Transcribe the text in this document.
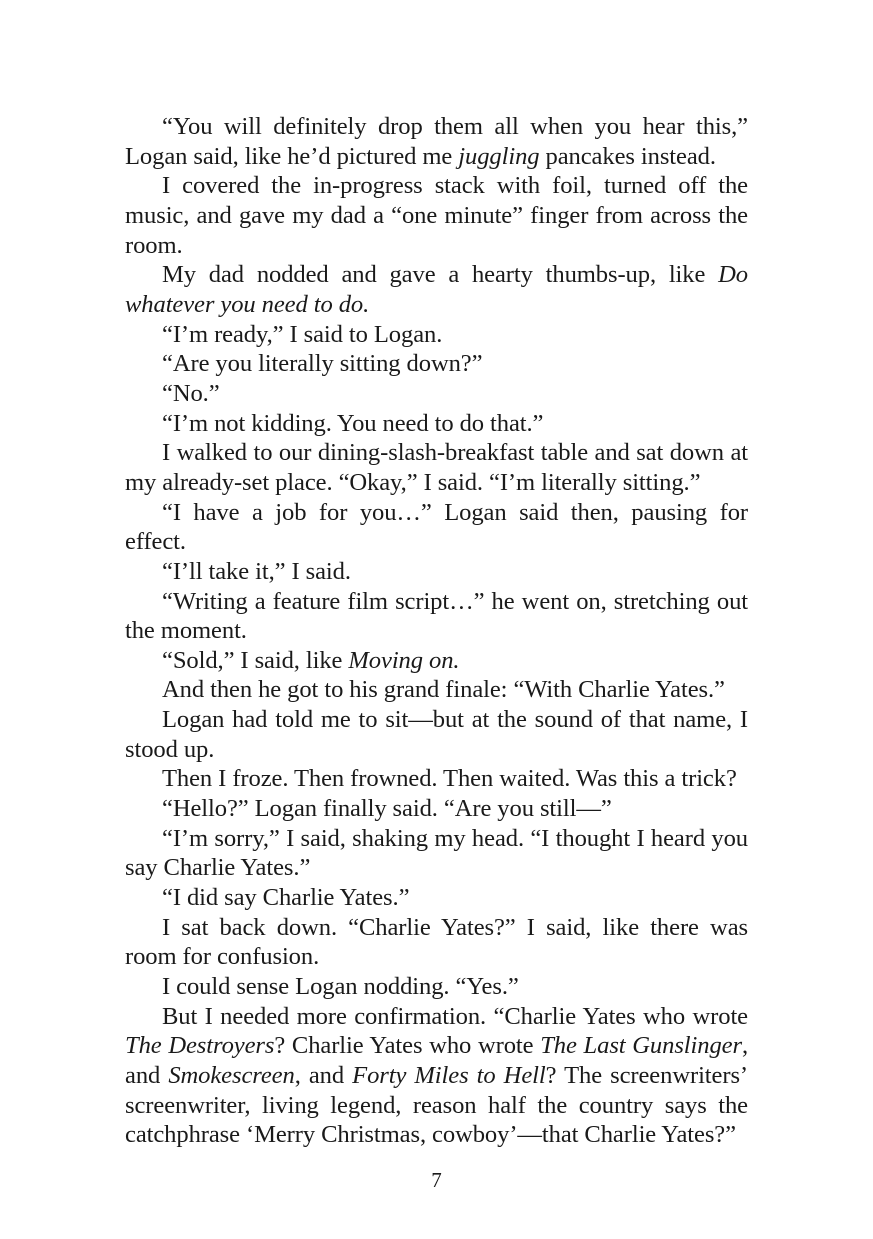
“You will definitely drop them all when you hear this,” Logan said, like he’d pictured me juggling pancakes instead.

I covered the in-progress stack with foil, turned off the music, and gave my dad a “one minute” finger from across the room.

My dad nodded and gave a hearty thumbs-up, like Do whatever you need to do.

“I’m ready,” I said to Logan.

“Are you literally sitting down?”

“No.”

“I’m not kidding. You need to do that.”

I walked to our dining-slash-breakfast table and sat down at my already-set place. “Okay,” I said. “I’m literally sitting.”

“I have a job for you…” Logan said then, pausing for effect.

“I’ll take it,” I said.

“Writing a feature film script…” he went on, stretching out the moment.

“Sold,” I said, like Moving on.

And then he got to his grand finale: “With Charlie Yates.”

Logan had told me to sit—but at the sound of that name, I stood up.

Then I froze. Then frowned. Then waited. Was this a trick?

“Hello?” Logan finally said. “Are you still—”

“I’m sorry,” I said, shaking my head. “I thought I heard you say Charlie Yates.”

“I did say Charlie Yates.”

I sat back down. “Charlie Yates?” I said, like there was room for confusion.

I could sense Logan nodding. “Yes.”

But I needed more confirmation. “Charlie Yates who wrote The Destroyers? Charlie Yates who wrote The Last Gunslinger, and Smokescreen, and Forty Miles to Hell? The screenwriters’ screenwriter, living legend, reason half the country says the catchphrase ‘Merry Christmas, cowboy’—that Charlie Yates?”

7
